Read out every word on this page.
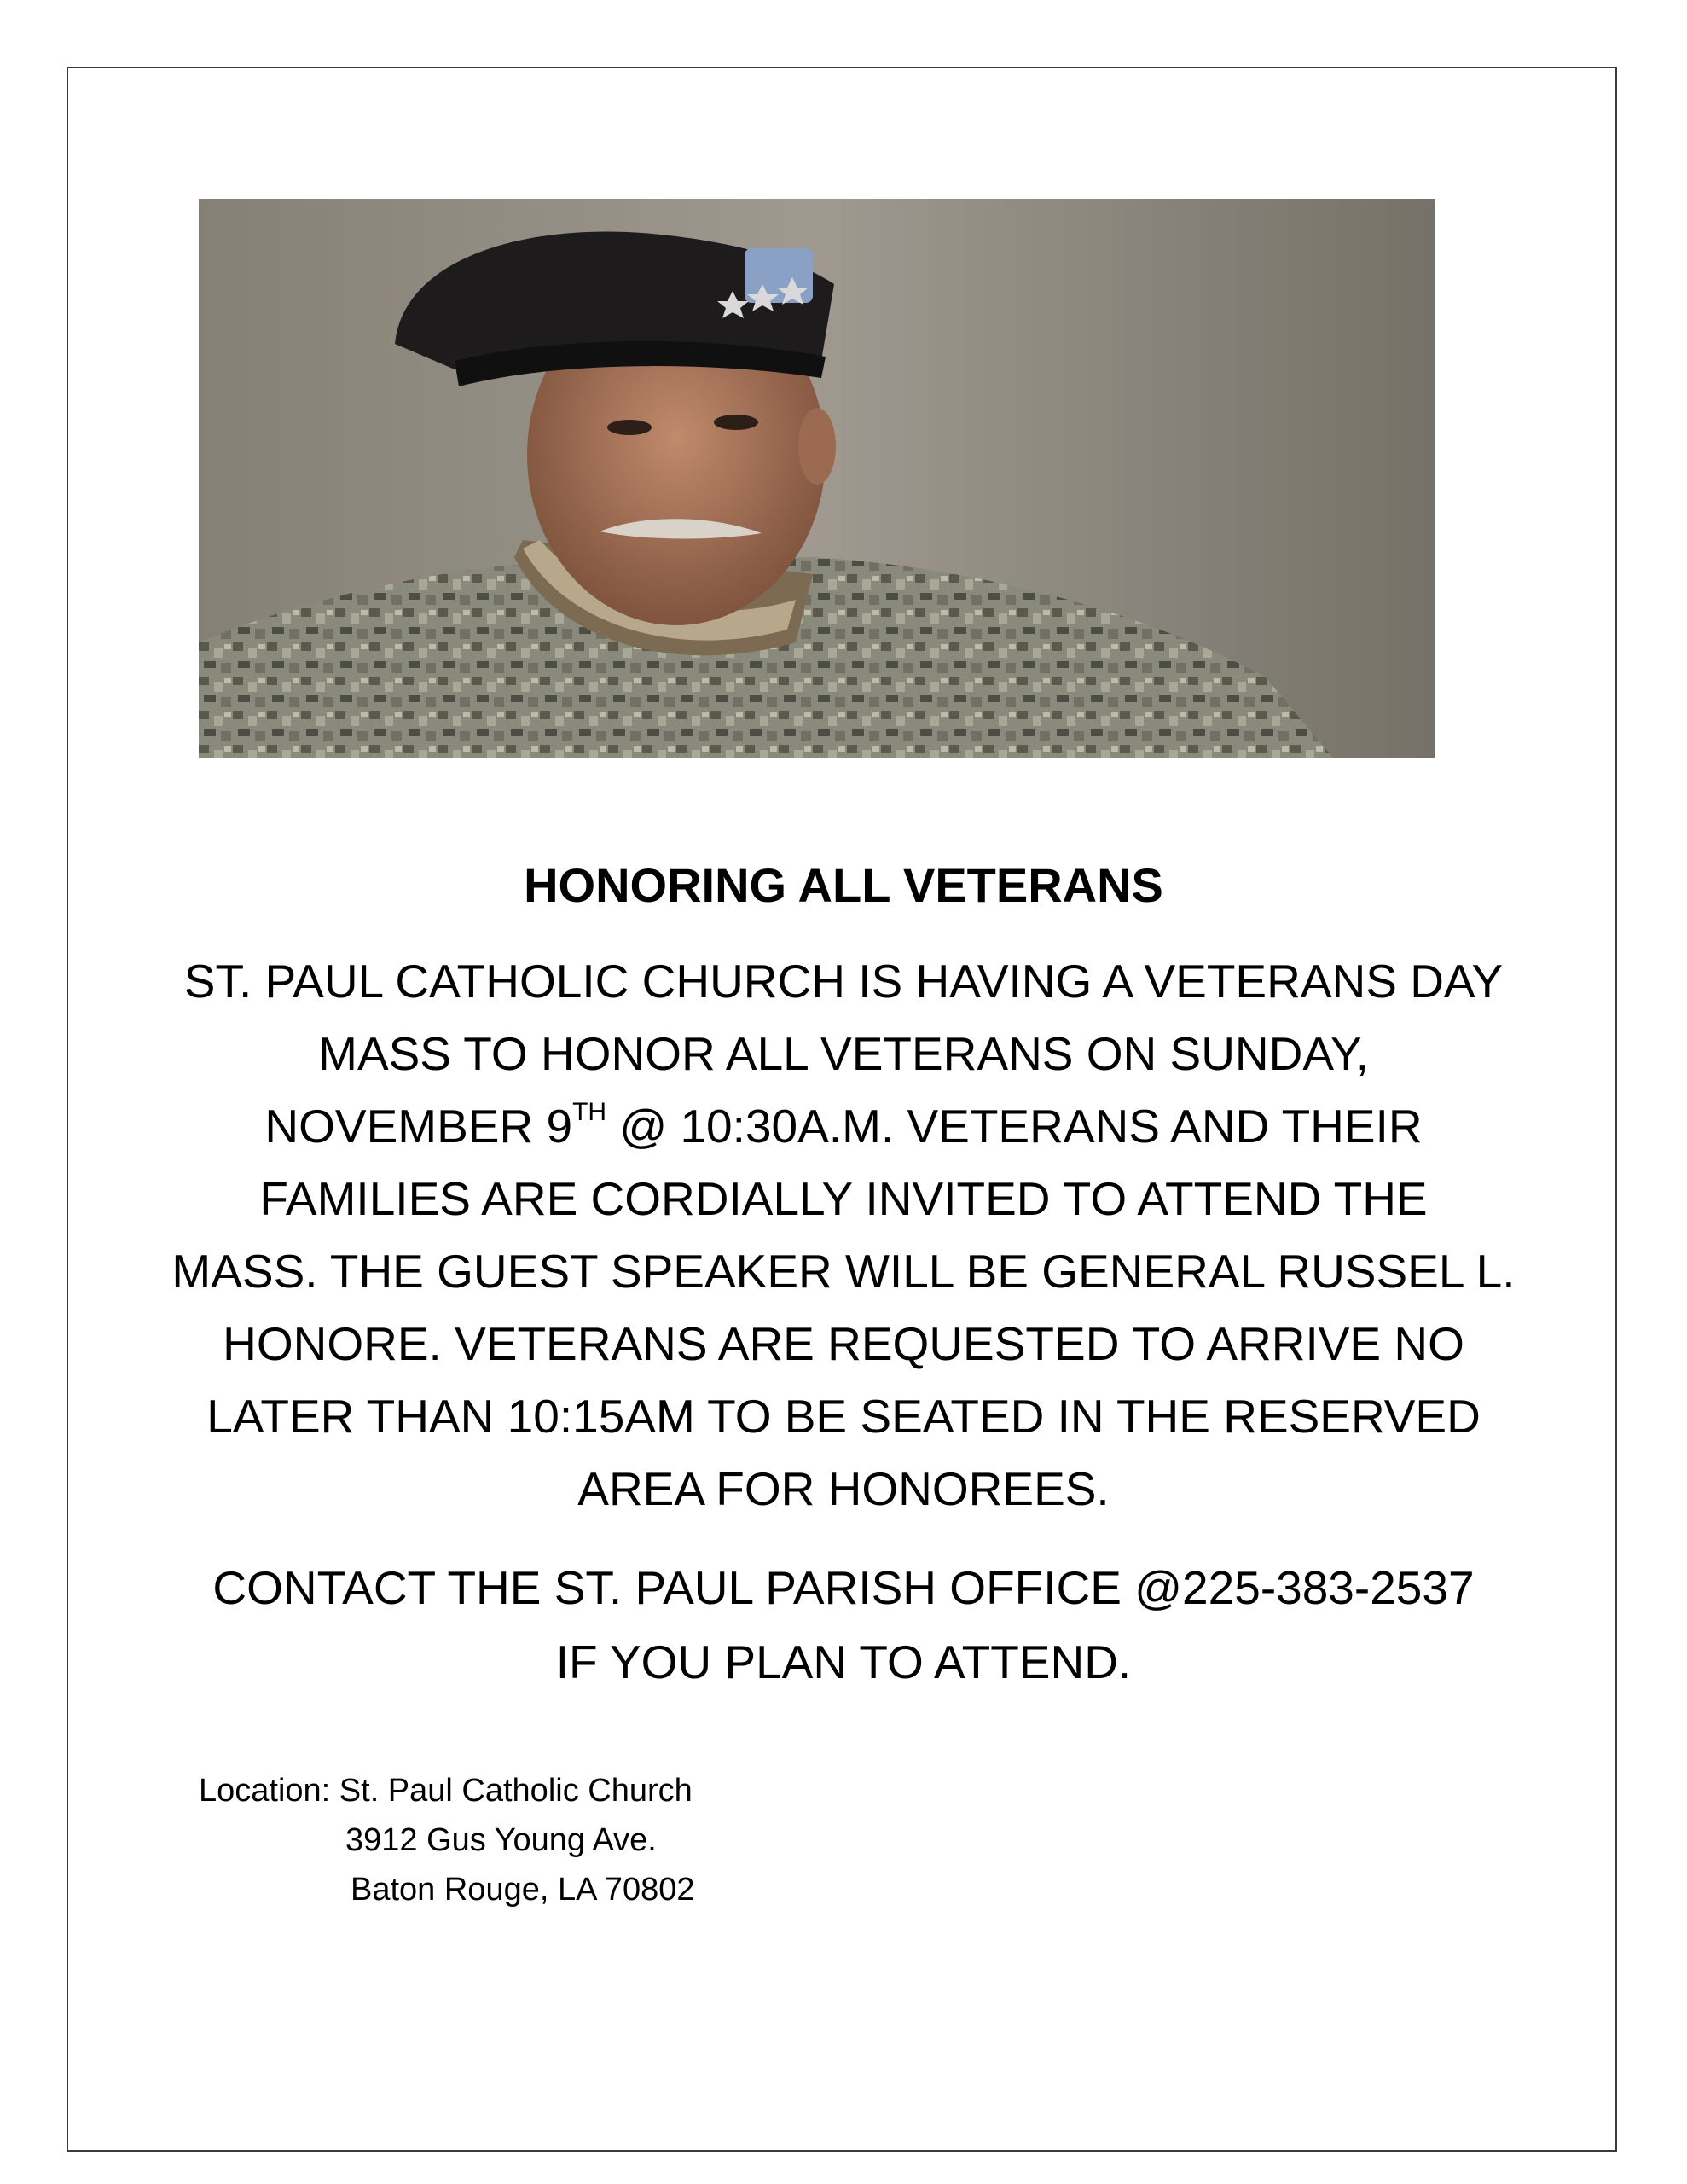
HONORING ALL VETERANS
ST. PAUL CATHOLIC CHURCH IS HAVING A VETERANS DAY
MASS TO HONOR ALL VETERANS ON SUNDAY,
NOVEMBER 9TH @ 10:30A.M. VETERANS AND THEIR
FAMILIES ARE CORDIALLY INVITED TO ATTEND THE
MASS. THE GUEST SPEAKER WILL BE GENERAL RUSSEL L.
HONORE. VETERANS ARE REQUESTED TO ARRIVE NO
LATER THAN 10:15AM TO BE SEATED IN THE RESERVED
AREA FOR HONOREES.
CONTACT THE ST. PAUL PARISH OFFICE @225-383-2537
IF YOU PLAN TO ATTEND.
Location: St. Paul Catholic Church
3912 Gus Young Ave.
Baton Rouge, LA 70802
